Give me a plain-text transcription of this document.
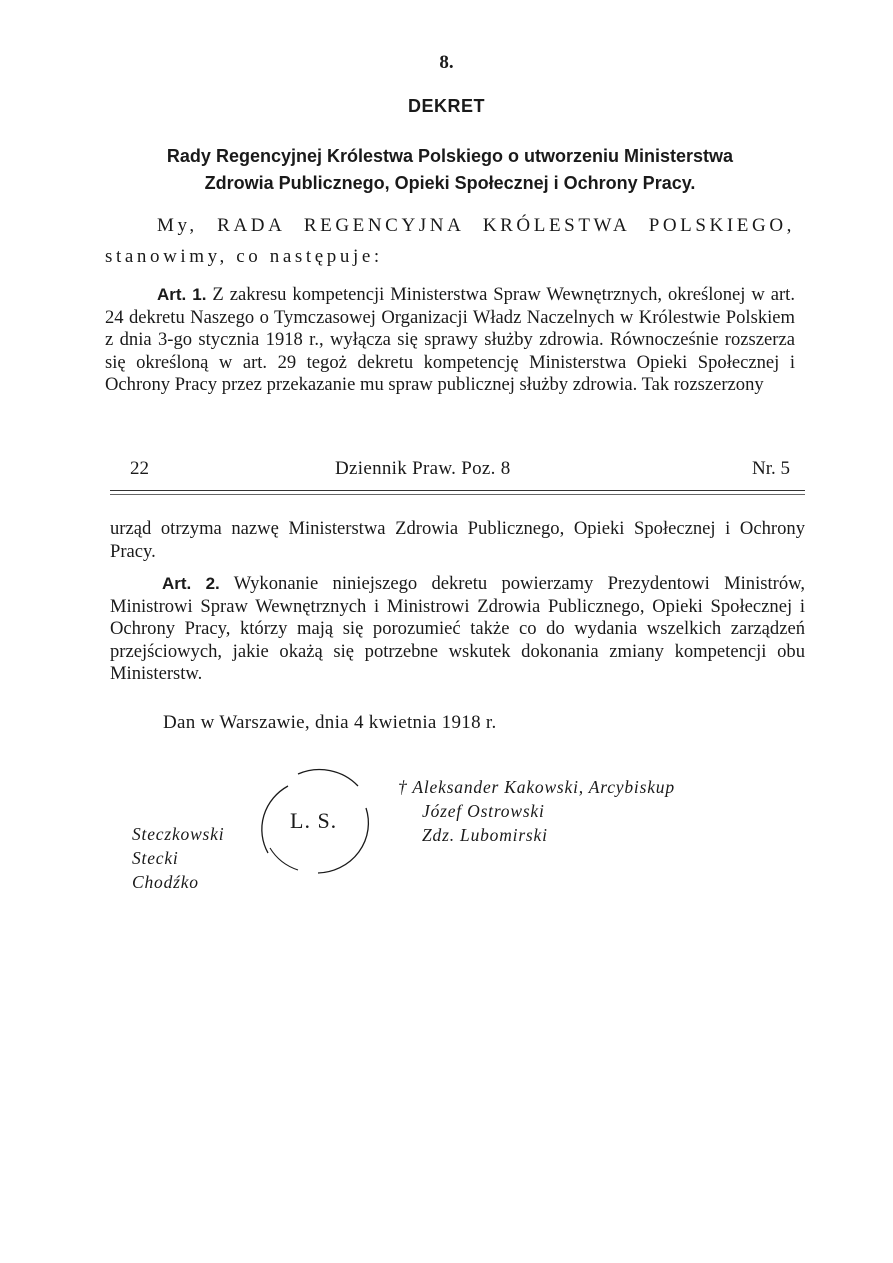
8.
DEKRET
Rady Regencyjnej Królestwa Polskiego o utworzeniu Ministerstwa
Zdrowia Publicznego, Opieki Społecznej i Ochrony Pracy.
My, RADA REGENCYJNA KRÓLESTWA POLSKIEGO, stanowimy, co następuje:
Art. 1. Z zakresu kompetencji Ministerstwa Spraw Wewnętrznych, określonej w art. 24 dekretu Naszego o Tymczasowej Organizacji Władz Naczelnych w Królestwie Polskiem z dnia 3-go stycznia 1918 r., wyłącza się sprawy służby zdrowia. Równocześnie rozszerza się określoną w art. 29 tegoż dekretu kompetencję Ministerstwa Opieki Społecznej i Ochrony Pracy przez przekazanie mu spraw publicznej służby zdrowia. Tak rozszerzony
22	Dziennik Praw. Poz. 8	Nr. 5
urząd otrzyma nazwę Ministerstwa Zdrowia Publicznego, Opieki Społecznej i Ochrony Pracy.
Art. 2. Wykonanie niniejszego dekretu powierzamy Prezydentowi Ministrów, Ministrowi Spraw Wewnętrznych i Ministrowi Zdrowia Publicznego, Opieki Społecznej i Ochrony Pracy, którzy mają się porozumieć także co do wydania wszelkich zarządzeń przejściowych, jakie okażą się potrzebne wskutek dokonania zmiany kompetencji obu Ministerstw.
Dan w Warszawie, dnia 4 kwietnia 1918 r.
L. S.
† Aleksander Kakowski, Arcybiskup
Józef Ostrowski
Zdz. Lubomirski
Steczkowski
Stecki
Chodźko
